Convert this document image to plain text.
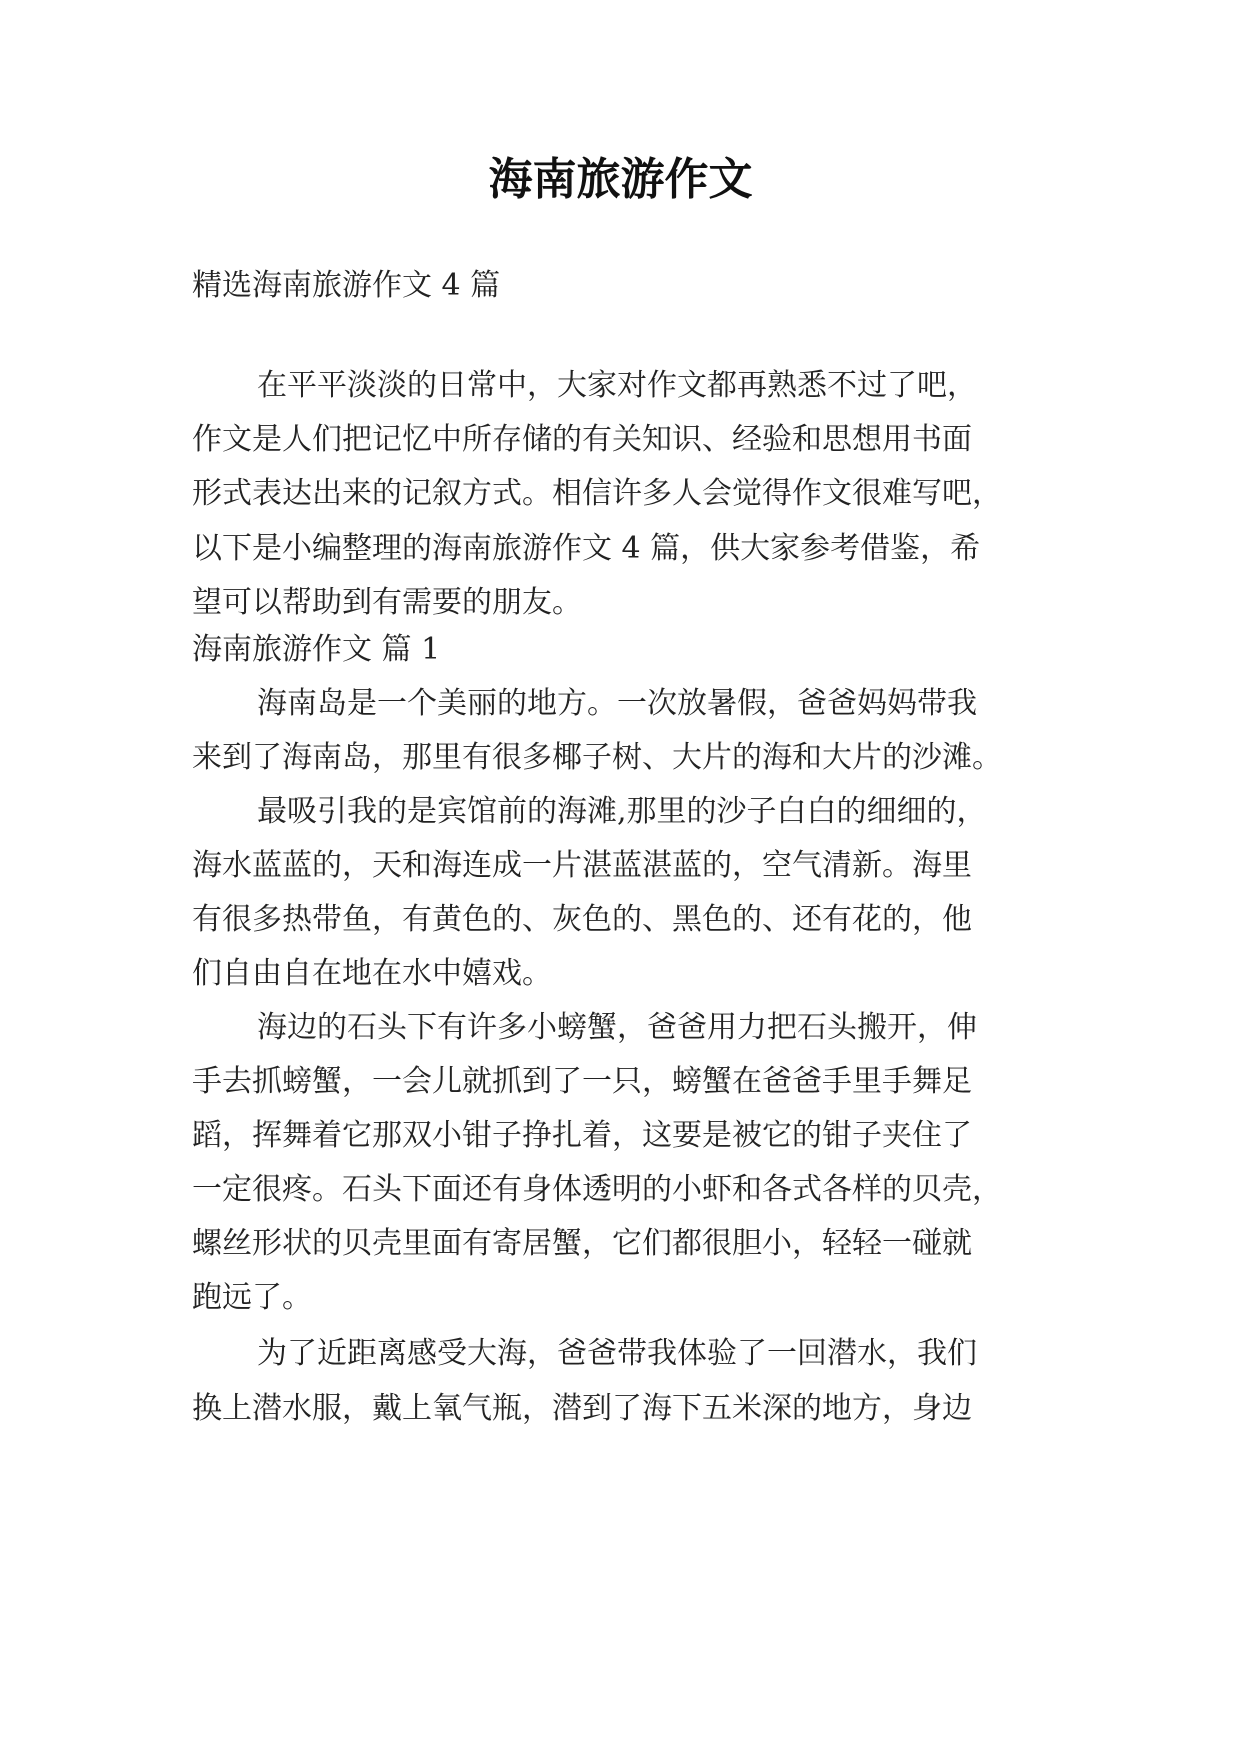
海南旅游作文

精选海南旅游作文 4 篇

在平平淡淡的日常中，大家对作文都再熟悉不过了吧，

作文是人们把记忆中所存储的有关知识、经验和思想用书面

形式表达出来的记叙方式。相信许多人会觉得作文很难写吧，

以下是小编整理的海南旅游作文 4 篇，供大家参考借鉴，希

望可以帮助到有需要的朋友。

海南旅游作文 篇 1

海南岛是一个美丽的地方。一次放暑假，爸爸妈妈带我

来到了海南岛，那里有很多椰子树、大片的海和大片的沙滩。

最吸引我的是宾馆前的海滩,那里的沙子白白的细细的，

海水蓝蓝的，天和海连成一片湛蓝湛蓝的，空气清新。海里

有很多热带鱼，有黄色的、灰色的、黑色的、还有花的，他

们自由自在地在水中嬉戏。

海边的石头下有许多小螃蟹，爸爸用力把石头搬开，伸

手去抓螃蟹，一会儿就抓到了一只，螃蟹在爸爸手里手舞足

蹈，挥舞着它那双小钳子挣扎着，这要是被它的钳子夹住了

一定很疼。石头下面还有身体透明的小虾和各式各样的贝壳，

螺丝形状的贝壳里面有寄居蟹，它们都很胆小，轻轻一碰就

跑远了。

为了近距离感受大海，爸爸带我体验了一回潜水，我们

换上潜水服，戴上氧气瓶，潜到了海下五米深的地方，身边
